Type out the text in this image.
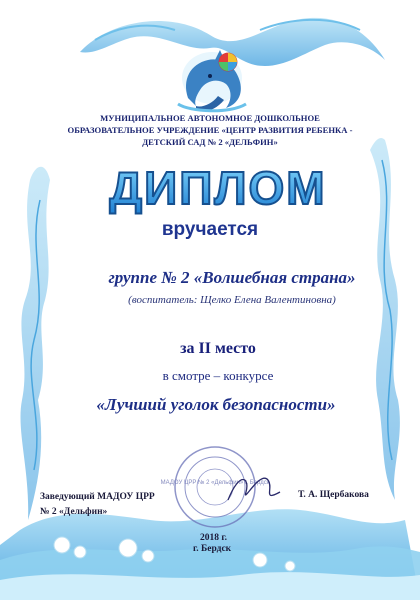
МАДОУ ЦРР № 2 «Дельфин» г. Бердск
МУНИЦИПАЛЬНОЕ АВТОНОМНОЕ ДОШКОЛЬНОЕ
ОБРАЗОВАТЕЛЬНОЕ УЧРЕЖДЕНИЕ «ЦЕНТР РАЗВИТИЯ РЕБЕНКА -
ДЕТСКИЙ САД № 2 «ДЕЛЬФИН»
ДИПЛОМ
вручается
группе № 2 «Волшебная страна»
(воспитатель: Щелко Елена Валентиновна)
за II место
в смотре – конкурсе
«Лучший уголок безопасности»
Заведующий МАДОУ ЦРР
№ 2 «Дельфин»
Т. А. Щербакова
2018 г.
г. Бердск
